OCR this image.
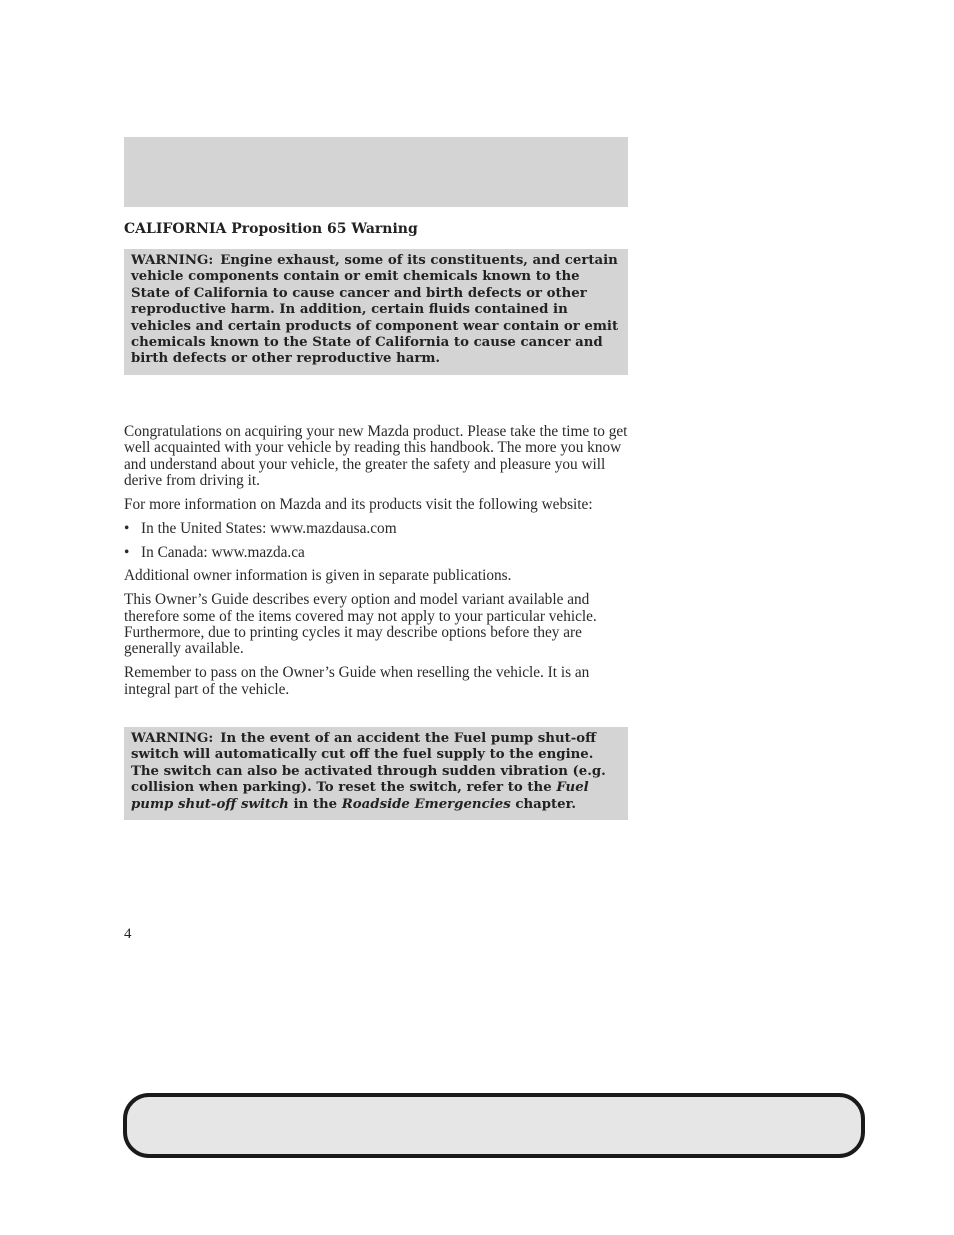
CALIFORNIA Proposition 65 Warning
WARNING: Engine exhaust, some of its constituents, and certain vehicle components contain or emit chemicals known to the State of California to cause cancer and birth defects or other reproductive harm. In addition, certain fluids contained in vehicles and certain products of component wear contain or emit chemicals known to the State of California to cause cancer and birth defects or other reproductive harm.

Congratulations on acquiring your new Mazda product. Please take the time to get well acquainted with your vehicle by reading this handbook. The more you know and understand about your vehicle, the greater the safety and pleasure you will derive from driving it.

For more information on Mazda and its products visit the following website:

• In the United States: www.mazdausa.com

• In Canada: www.mazda.ca

Additional owner information is given in separate publications.

This Owner’s Guide describes every option and model variant available and therefore some of the items covered may not apply to your particular vehicle. Furthermore, due to printing cycles it may describe options before they are generally available.

Remember to pass on the Owner’s Guide when reselling the vehicle. It is an integral part of the vehicle.

WARNING: In the event of an accident the Fuel pump shut-off switch will automatically cut off the fuel supply to the engine. The switch can also be activated through sudden vibration (e.g. collision when parking). To reset the switch, refer to the Fuel pump shut-off switch in the Roadside Emergencies chapter.
4
